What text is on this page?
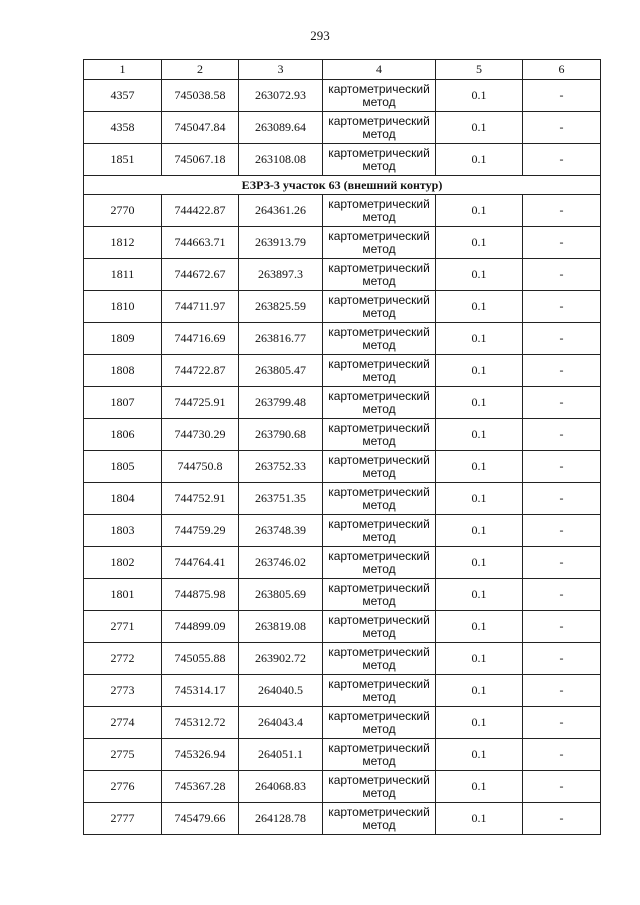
293
1	2	3	4	5	6
4357	745038.58	263072.93	картометрический метод	0.1	-
4358	745047.84	263089.64	картометрический метод	0.1	-
1851	745067.18	263108.08	картометрический метод	0.1	-
ЕЗРЗ-3 участок 63 (внешний контур)					
2770	744422.87	264361.26	картометрический метод	0.1	-
1812	744663.71	263913.79	картометрический метод	0.1	-
1811	744672.67	263897.3	картометрический метод	0.1	-
1810	744711.97	263825.59	картометрический метод	0.1	-
1809	744716.69	263816.77	картометрический метод	0.1	-
1808	744722.87	263805.47	картометрический метод	0.1	-
1807	744725.91	263799.48	картометрический метод	0.1	-
1806	744730.29	263790.68	картометрический метод	0.1	-
1805	744750.8	263752.33	картометрический метод	0.1	-
1804	744752.91	263751.35	картометрический метод	0.1	-
1803	744759.29	263748.39	картометрический метод	0.1	-
1802	744764.41	263746.02	картометрический метод	0.1	-
1801	744875.98	263805.69	картометрический метод	0.1	-
2771	744899.09	263819.08	картометрический метод	0.1	-
2772	745055.88	263902.72	картометрический метод	0.1	-
2773	745314.17	264040.5	картометрический метод	0.1	-
2774	745312.72	264043.4	картометрический метод	0.1	-
2775	745326.94	264051.1	картометрический метод	0.1	-
2776	745367.28	264068.83	картометрический метод	0.1	-
2777	745479.66	264128.78	картометрический метод	0.1	-
